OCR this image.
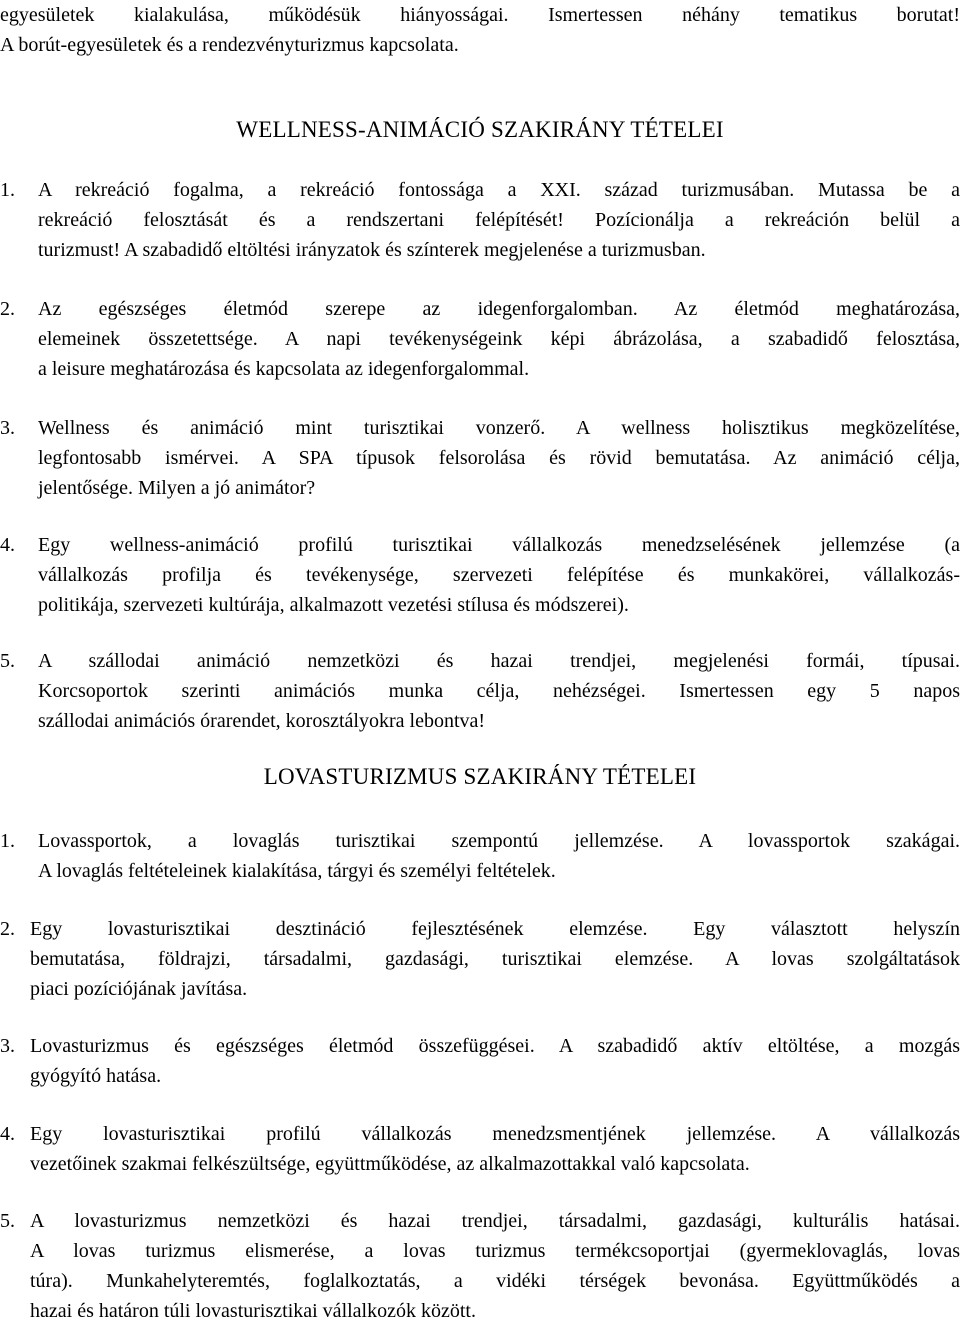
egyesületek kialakulása, működésük hiányosságai. Ismertessen néhány tematikus borutat!
A borút-egyesületek és a rendezvényturizmus kapcsolata.
WELLNESS-ANIMÁCIÓ SZAKIRÁNY TÉTELEI
1. A rekreáció fogalma, a rekreáció fontossága a XXI. század turizmusában. Mutassa be a
rekreáció felosztását és a rendszertani felépítését! Pozícionálja a rekreáción belül a
turizmust! A szabadidő eltöltési irányzatok és színterek megjelenése a turizmusban.
2. Az egészséges életmód szerepe az idegenforgalomban. Az életmód meghatározása,
elemeinek összetettsége. A napi tevékenységeink képi ábrázolása, a szabadidő felosztása,
a leisure meghatározása és kapcsolata az idegenforgalommal.
3. Wellness és animáció mint turisztikai vonzerő. A wellness holisztikus megközelítése,
legfontosabb ismérvei. A SPA típusok felsorolása és rövid bemutatása. Az animáció célja,
jelentősége. Milyen a jó animátor?
4. Egy wellness-animáció profilú turisztikai vállalkozás menedzselésének jellemzése (a
vállalkozás profilja és tevékenysége, szervezeti felépítése és munkakörei, vállalkozás-
politikája, szervezeti kultúrája, alkalmazott vezetési stílusa és módszerei).
5. A szállodai animáció nemzetközi és hazai trendjei, megjelenési formái, típusai.
Korcsoportok szerinti animációs munka célja, nehézségei. Ismertessen egy 5 napos
szállodai animációs órarendet, korosztályokra lebontva!
LOVASTURIZMUS SZAKIRÁNY TÉTELEI
1. Lovassportok, a lovaglás turisztikai szempontú jellemzése. A lovassportok szakágai.
A lovaglás feltételeinek kialakítása, tárgyi és személyi feltételek.
2. Egy lovasturisztikai desztináció fejlesztésének elemzése. Egy választott helyszín
bemutatása, földrajzi, társadalmi, gazdasági, turisztikai elemzése. A lovas szolgáltatások
piaci pozíciójának javítása.
3. Lovasturizmus és egészséges életmód összefüggései. A szabadidő aktív eltöltése, a mozgás
gyógyító hatása.
4. Egy lovasturisztikai profilú vállalkozás menedzsmentjének jellemzése. A vállalkozás
vezetőinek szakmai felkészültsége, együttműködése, az alkalmazottakkal való kapcsolata.
5. A lovasturizmus nemzetközi és hazai trendjei, társadalmi, gazdasági, kulturális hatásai.
A lovas turizmus elismerése, a lovas turizmus termékcsoportjai (gyermeklovaglás, lovas
túra). Munkahelyteremtés, foglalkoztatás, a vidéki térségek bevonása. Együttműködés a
hazai és határon túli lovasturisztikai vállalkozók között.
